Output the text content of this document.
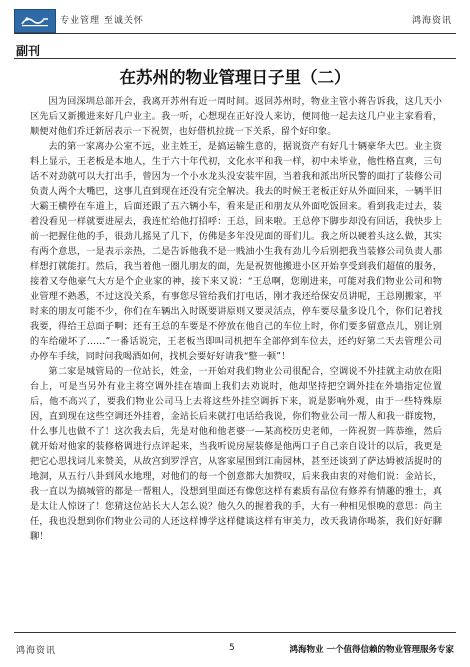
专业管理 至诚关怀	鸿海资讯
副刊
在苏州的物业管理日子里（二）

因为回深圳总部开会，我离开苏州有近一周时间。返回苏州时，物业主管小蒋告诉我，这几天小区先后又新搬进来好几户业主。我一听，心想现在正好没人来访，便同他一起去这几户业主家看看，顺便对他们乔迁新居表示一下祝贺，也好借机拉拢一下关系，留个好印象。

去的第一家离办公室不远，业主姓王，是搞运输生意的，据说资产有好几十辆豪华大巴。业主资料上显示，王老板是本地人，生于六十年代初，文化水平和我一样，初中未毕业，他性格直爽，三句话不对劲就可以大打出手，曾因为一个小水龙头没安装牢固，当着我和派出所民警的面打了装修公司负责人两个大嘴巴，这事儿直到现在还没有完全解决。我去的时候王老板正好从外面回来，一辆半旧大霸王横停在车道上，后面还跟了五六辆小车，看来是正和朋友从外面吃饭回来。看到我走过去，装着没看见一样就要进屋去，我连忙给他打招呼：王总，回来啦。王总停下脚步却没有回话，我快步上前一把握住他的手，很劲儿摇晃了几下，仿佛是多年没见面的哥们儿。我之所以硬着头这么做，其实有两个意思，一是表示亲热，二是告诉他我不是一贱油小生我有劲儿今后别把我当装修公司负责人那样想打就能打。然后，我当着他一圈儿朋友的面，先是祝贺他搬进小区开始享受到我们超值的服务，接着又夸他豪气大方是个企业家的神，接下来又说：“王总啊，您刚进来，可能对我们物业公司和物业管理不熟悉，不过这没关系，有事您尽管给我们打电话，刚才我还给保安员讲呢，王总刚搬家，平时来的朋友可能不少，你们在车辆出入时既要讲原则又要灵活点，停车要尽量多设几个，你们记着找我要，得给王总面子啊；还有王总的车要是不停放在他自己的车位上时，你们要多留意点儿，别让别的车给碰坏了……”一番话说完，王老板当即叫司机把车全部停到车位去，还约好第二天去管理公司办停车手续，同时问我喝酒如何，找机会要好好请我“整一顿”！

第二家是城管局的一位站长，姓金，一开始对我们物业公司很配合，空调说不外挂就主动放在阳台上，可是当另外有业主将空调外挂在墙面上我们去劝说时，他却坚持把空调外挂在外墙指定位置后，他不高兴了，要我们物业公司马上去将这些外挂空调拆下来，说是影响外观，由于一些特殊原因，直到现在这些空调还外挂着，金站长后来就打电话给我说，你们物业公司一帮人和我一群废物，什么事儿也做不了！这次我去后，先是对他和他老婆一—某高校历史老师，一阵祝贺一阵恭维，然后就开始对他家的装修格调进行点评起来，当我听说房屋装修是他两口子自己亲自设计的以后，我更是把它心思找词儿来赞美，从故宫到罗浮宫，从客家屋围到江南园林，甚至还谈到了萨达姆被活捉时的地洞，从五行八卦到风水地理，对他们的每一个创意都大加赞叹，后来我由衷的对他们说：金站长，我一直以为搞城管的都是一帮粗人，没想到里面还有像您这样有素质有品位有修养有情趣的雅士，真是太让人惊讶了！您猜这位站长大人怎么说？他久久的握着我的手，大有一种相见恨晚的意思：尚主任，我也没想到你们物业公司的人还这样博学这样健谈这样有审美力，改天我请你喝茶，我们好好聊聊！

鸿海资讯	5	鸿海物业 一个值得信赖的物业管理服务专家
